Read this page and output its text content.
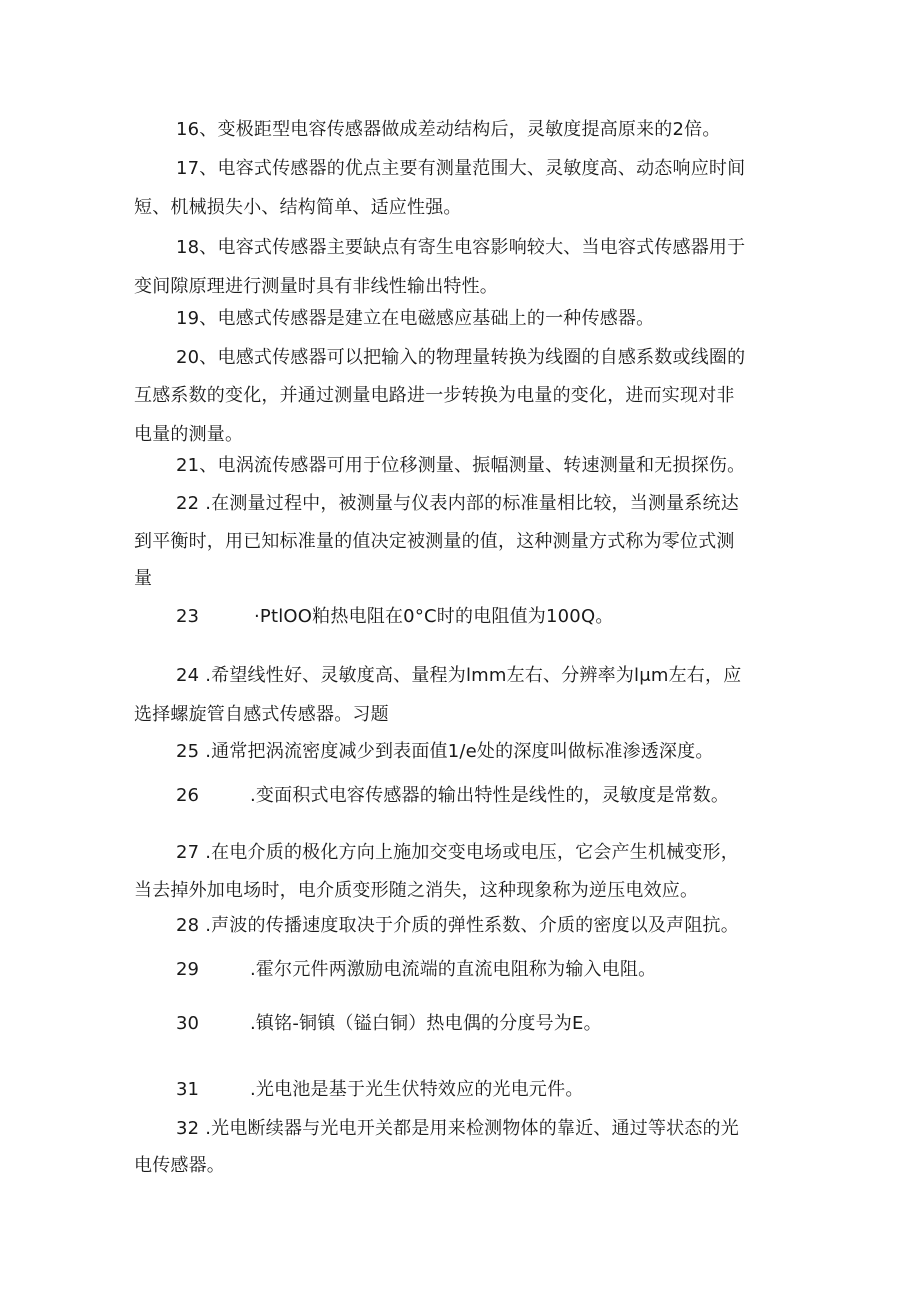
16、变极距型电容传感器做成差动结构后，灵敏度提高原来的2倍。
17、电容式传感器的优点主要有测量范围大、灵敏度高、动态响应时间
短、机械损失小、结构简单、适应性强。
18、电容式传感器主要缺点有寄生电容影响较大、当电容式传感器用于
变间隙原理进行测量时具有非线性输出特性。
19、电感式传感器是建立在电磁感应基础上的一种传感器。
20、电感式传感器可以把输入的物理量转换为线圈的自感系数或线圈的
互感系数的变化，并通过测量电路进一步转换为电量的变化，进而实现对非
电量的测量。
21、电涡流传感器可用于位移测量、振幅测量、转速测量和无损探伤。
22 .在测量过程中，被测量与仪表内部的标准量相比较，当测量系统达
到平衡时，用已知标准量的值决定被测量的值，这种测量方式称为零位式测
量
23	·PtlOO粕热电阻在0°C时的电阻值为100Q。
24 .希望线性好、灵敏度高、量程为lmm左右、分辨率为lμm左右，应
选择螺旋管自感式传感器。习题
25 .通常把涡流密度减少到表面值1/e处的深度叫做标准渗透深度。
26	.变面积式电容传感器的输出特性是线性的，灵敏度是常数。
27 .在电介质的极化方向上施加交变电场或电压，它会产生机械变形，
当去掉外加电场时，电介质变形随之消失，这种现象称为逆压电效应。
28 .声波的传播速度取决于介质的弹性系数、介质的密度以及声阻抗。
29	.霍尔元件两激励电流端的直流电阻称为输入电阻。
30	.镇铭-铜镇（镒白铜）热电偶的分度号为E。
31	.光电池是基于光生伏特效应的光电元件。
32 .光电断续器与光电开关都是用来检测物体的靠近、通过等状态的光
电传感器。
